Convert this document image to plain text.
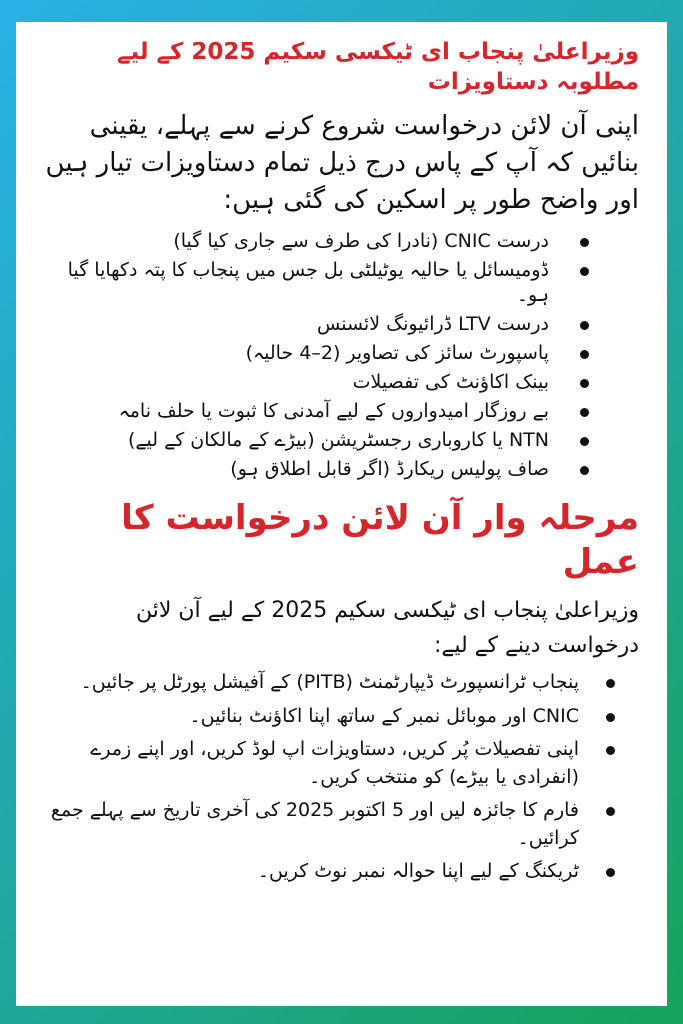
وزیراعلیٰ پنجاب ای ٹیکسی سکیم 2025 کے لیے مطلوبہ دستاویزات

اپنی آن لائن درخواست شروع کرنے سے پہلے، یقینی بنائیں کہ آپ کے پاس درج ذیل تمام دستاویزات تیار ہیں اور واضح طور پر اسکین کی گئی ہیں:

درست CNIC (نادرا کی طرف سے جاری کیا گیا)
ڈومیسائل یا حالیہ یوٹیلٹی بل جس میں پنجاب کا پتہ دکھایا گیا ہو۔
درست LTV ڈرائیونگ لائسنس
پاسپورٹ سائز کی تصاویر (2–4 حالیہ)
بینک اکاؤنٹ کی تفصیلات
بے روزگار امیدواروں کے لیے آمدنی کا ثبوت یا حلف نامہ
NTN یا کاروباری رجسٹریشن (بیڑے کے مالکان کے لیے)
صاف پولیس ریکارڈ (اگر قابل اطلاق ہو)
مرحلہ وار آن لائن درخواست کا عمل

وزیراعلیٰ پنجاب ای ٹیکسی سکیم 2025 کے لیے آن لائن درخواست دینے کے لیے:

پنجاب ٹرانسپورٹ ڈیپارٹمنٹ (PITB) کے آفیشل پورٹل پر جائیں۔
CNIC اور موبائل نمبر کے ساتھ اپنا اکاؤنٹ بنائیں۔
اپنی تفصیلات پُر کریں، دستاویزات اپ لوڈ کریں، اور اپنے زمرے (انفرادی یا بیڑے) کو منتخب کریں۔
فارم کا جائزہ لیں اور 5 اکتوبر 2025 کی آخری تاریخ سے پہلے جمع کرائیں۔
ٹریکنگ کے لیے اپنا حوالہ نمبر نوٹ کریں۔
